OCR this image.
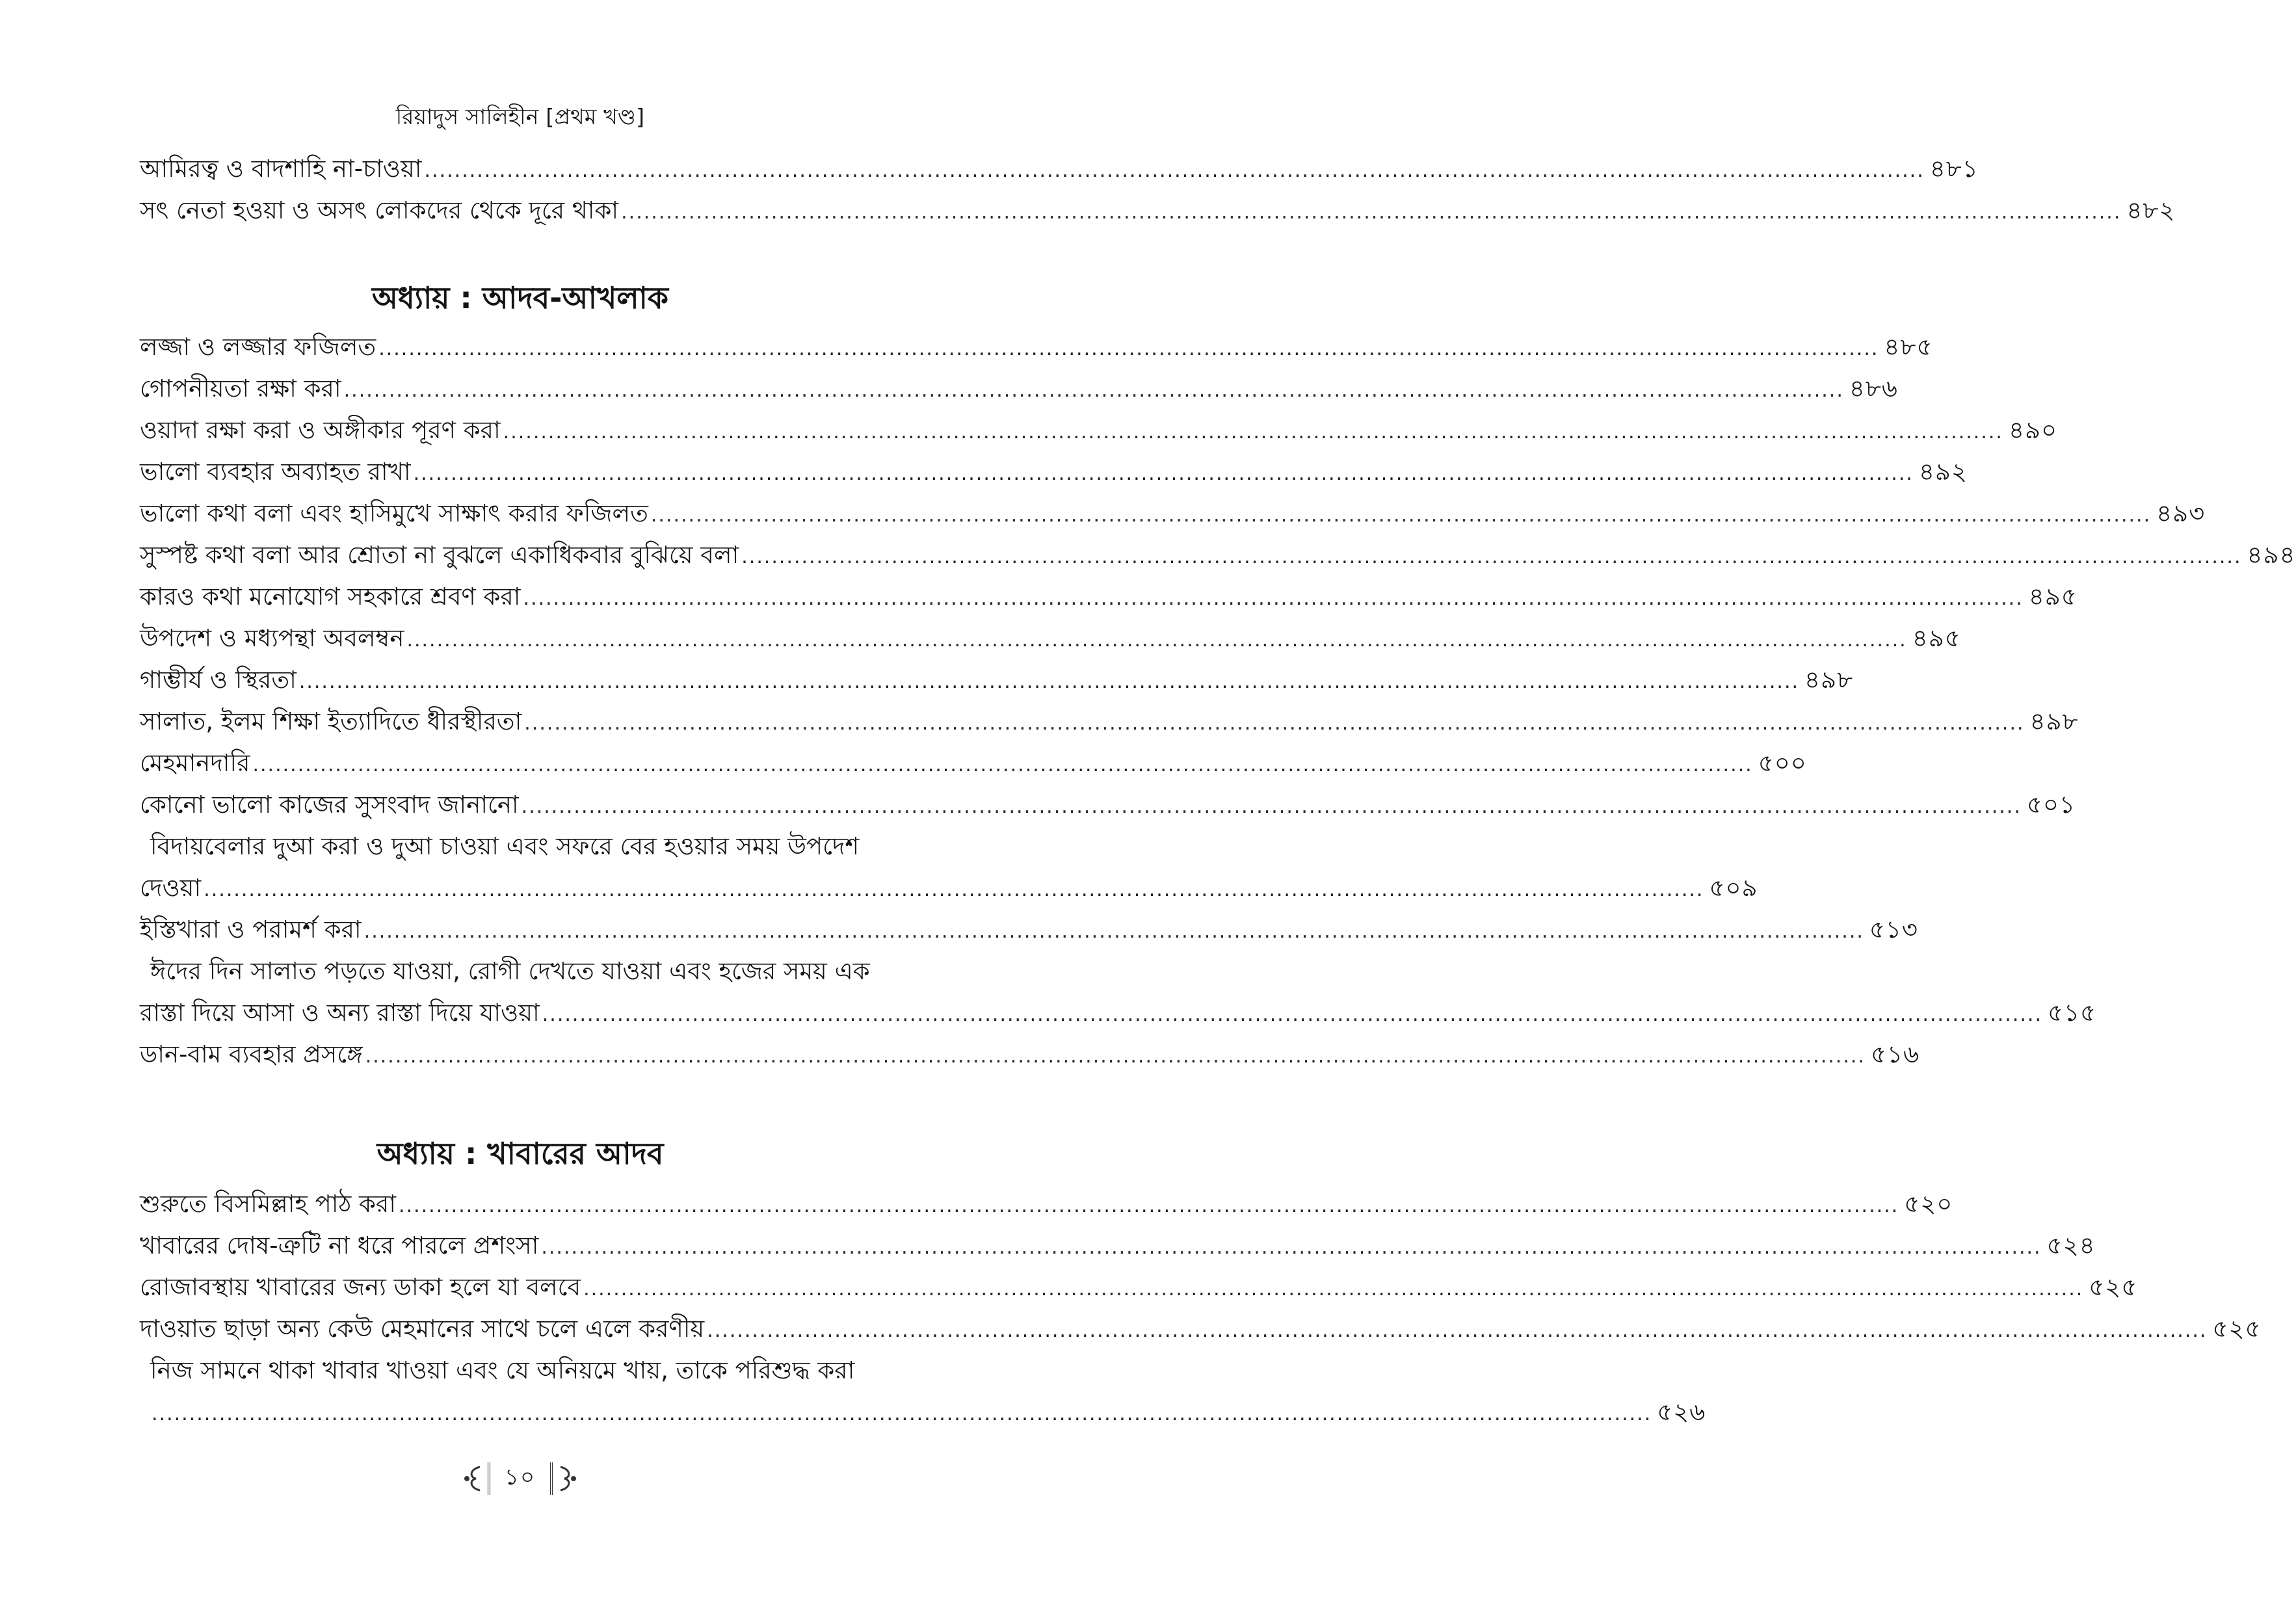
রিয়াদুস সালিহীন [প্রথম খণ্ড]
আমিরত্ব ও বাদশাহি না-চাওয়া ........................................................................................................................................................................................................ ৪৮১
সৎ নেতা হওয়া ও অসৎ লোকদের থেকে দূরে থাকা ........................................................................................................................................................................................................ ৪৮২
অধ্যায় : আদব-আখলাক
লজ্জা ও লজ্জার ফজিলত ........................................................................................................................................................................................................ ৪৮৫
গোপনীয়তা রক্ষা করা ........................................................................................................................................................................................................ ৪৮৬
ওয়াদা রক্ষা করা ও অঙ্গীকার পূরণ করা ........................................................................................................................................................................................................ ৪৯০
ভালো ব্যবহার অব্যাহত রাখা ........................................................................................................................................................................................................ ৪৯২
ভালো কথা বলা এবং হাসিমুখে সাক্ষাৎ করার ফজিলত ........................................................................................................................................................................................................ ৪৯৩
সুস্পষ্ট কথা বলা আর শ্রোতা না বুঝলে একাধিকবার বুঝিয়ে বলা ........................................................................................................................................................................................................ ৪৯৪
কারও কথা মনোযোগ সহকারে শ্রবণ করা ........................................................................................................................................................................................................ ৪৯৫
উপদেশ ও মধ্যপন্থা অবলম্বন ........................................................................................................................................................................................................ ৪৯৫
গাম্ভীর্য ও স্থিরতা ........................................................................................................................................................................................................ ৪৯৮
সালাত, ইলম শিক্ষা ইত্যাদিতে ধীরস্থীরতা ........................................................................................................................................................................................................ ৪৯৮
মেহমানদারি ........................................................................................................................................................................................................ ৫০০
কোনো ভালো কাজের সুসংবাদ জানানো ........................................................................................................................................................................................................ ৫০১
বিদায়বেলার দুআ করা ও দুআ চাওয়া এবং সফরে বের হওয়ার সময় উপদেশ
দেওয়া ........................................................................................................................................................................................................ ৫০৯
ইস্তিখারা ও পরামর্শ করা ........................................................................................................................................................................................................ ৫১৩
ঈদের দিন সালাত পড়তে যাওয়া, রোগী দেখতে যাওয়া এবং হজের সময় এক
রাস্তা দিয়ে আসা ও অন্য রাস্তা দিয়ে যাওয়া ........................................................................................................................................................................................................ ৫১৫
ডান-বাম ব্যবহার প্রসঙ্গে ........................................................................................................................................................................................................ ৫১৬
অধ্যায় : খাবারের আদব
শুরুতে বিসমিল্লাহ পাঠ করা ........................................................................................................................................................................................................ ৫২০
খাবারের দোষ-ত্রুটি না ধরে পারলে প্রশংসা ........................................................................................................................................................................................................ ৫২৪
রোজাবস্থায় খাবারের জন্য ডাকা হলে যা বলবে ........................................................................................................................................................................................................ ৫২৫
দাওয়াত ছাড়া অন্য কেউ মেহমানের সাথে চলে এলে করণীয় ........................................................................................................................................................................................................ ৫২৫
নিজ সামনে থাকা খাবার খাওয়া এবং যে অনিয়মে খায়, তাকে পরিশুদ্ধ করা
........................................................................................................................................................................................................ ৫২৬
১০
